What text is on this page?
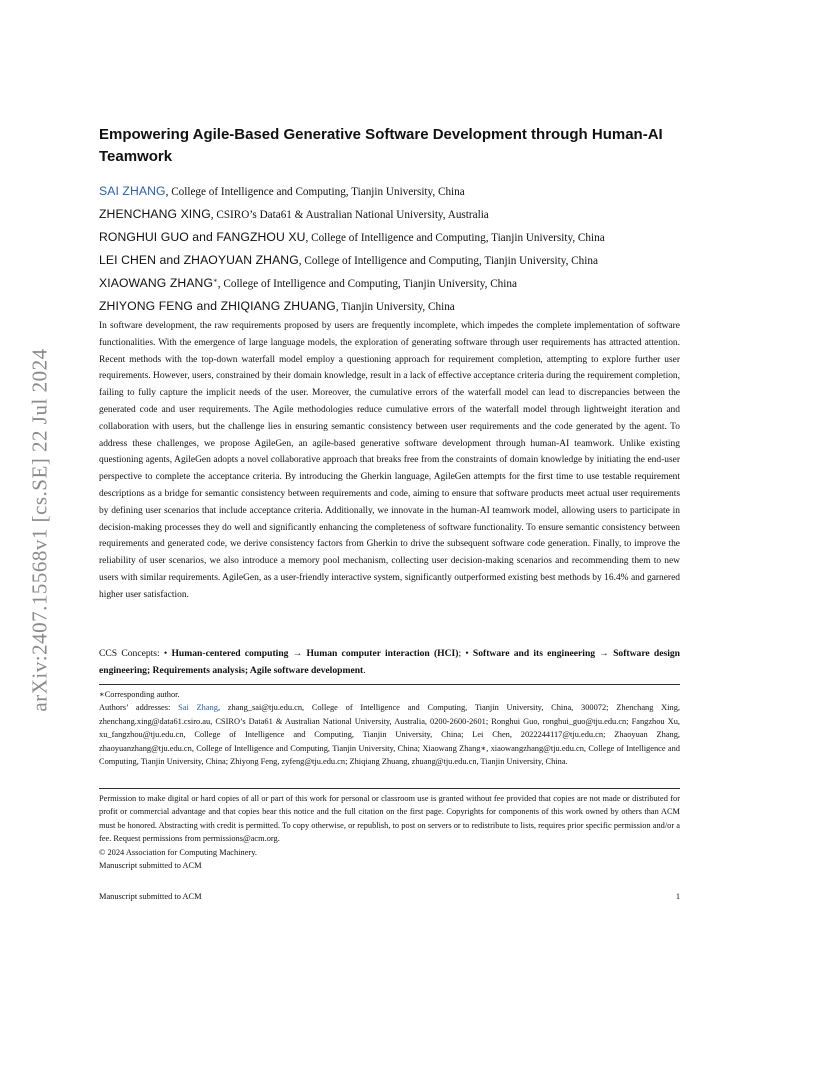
arXiv:2407.15568v1 [cs.SE] 22 Jul 2024
Empowering Agile-Based Generative Software Development through Human-AI Teamwork
SAI ZHANG, College of Intelligence and Computing, Tianjin University, China
ZHENCHANG XING, CSIRO’s Data61 & Australian National University, Australia
RONGHUI GUO and FANGZHOU XU, College of Intelligence and Computing, Tianjin University, China
LEI CHEN and ZHAOYUAN ZHANG, College of Intelligence and Computing, Tianjin University, China
XIAOWANG ZHANG∗, College of Intelligence and Computing, Tianjin University, China
ZHIYONG FENG and ZHIQIANG ZHUANG, Tianjin University, China

In software development, the raw requirements proposed by users are frequently incomplete, which impedes the complete implementation of software functionalities. With the emergence of large language models, the exploration of generating software through user requirements has attracted attention. Recent methods with the top-down waterfall model employ a questioning approach for requirement completion, attempting to explore further user requirements. However, users, constrained by their domain knowledge, result in a lack of effective acceptance criteria during the requirement completion, failing to fully capture the implicit needs of the user. Moreover, the cumulative errors of the waterfall model can lead to discrepancies between the generated code and user requirements. The Agile methodologies reduce cumulative errors of the waterfall model through lightweight iteration and collaboration with users, but the challenge lies in ensuring semantic consistency between user requirements and the code generated by the agent. To address these challenges, we propose AgileGen, an agile-based generative software development through human-AI teamwork. Unlike existing questioning agents, AgileGen adopts a novel collaborative approach that breaks free from the constraints of domain knowledge by initiating the end-user perspective to complete the acceptance criteria. By introducing the Gherkin language, AgileGen attempts for the first time to use testable requirement descriptions as a bridge for semantic consistency between requirements and code, aiming to ensure that software products meet actual user requirements by defining user scenarios that include acceptance criteria. Additionally, we innovate in the human-AI teamwork model, allowing users to participate in decision-making processes they do well and significantly enhancing the completeness of software functionality. To ensure semantic consistency between requirements and generated code, we derive consistency factors from Gherkin to drive the subsequent software code generation. Finally, to improve the reliability of user scenarios, we also introduce a memory pool mechanism, collecting user decision-making scenarios and recommending them to new users with similar requirements. AgileGen, as a user-friendly interactive system, significantly outperformed existing best methods by 16.4% and garnered higher user satisfaction.

CCS Concepts: • Human-centered computing → Human computer interaction (HCI); • Software and its engineering → Software design engineering; Requirements analysis; Agile software development.

∗Corresponding author.

Authors’ addresses: Sai Zhang, zhang_sai@tju.edu.cn, College of Intelligence and Computing, Tianjin University, China, 300072; Zhenchang Xing, zhenchang.xing@data61.csiro.au, CSIRO’s Data61 & Australian National University, Australia, 0200-2600-2601; Ronghui Guo, ronghui_guo@tju.edu.cn; Fangzhou Xu, xu_fangzhou@tju.edu.cn, College of Intelligence and Computing, Tianjin University, China; Lei Chen, 2022244117@tju.edu.cn; Zhaoyuan Zhang, zhaoyuanzhang@tju.edu.cn, College of Intelligence and Computing, Tianjin University, China; Xiaowang Zhang∗, xiaowangzhang@tju.edu.cn, College of Intelligence and Computing, Tianjin University, China; Zhiyong Feng, zyfeng@tju.edu.cn; Zhiqiang Zhuang, zhuang@tju.edu.cn, Tianjin University, China.

Permission to make digital or hard copies of all or part of this work for personal or classroom use is granted without fee provided that copies are not made or distributed for profit or commercial advantage and that copies bear this notice and the full citation on the first page. Copyrights for components of this work owned by others than ACM must be honored. Abstracting with credit is permitted. To copy otherwise, or republish, to post on servers or to redistribute to lists, requires prior specific permission and/or a fee. Request permissions from permissions@acm.org.

© 2024 Association for Computing Machinery.

Manuscript submitted to ACM

Manuscript submitted to ACM	1
